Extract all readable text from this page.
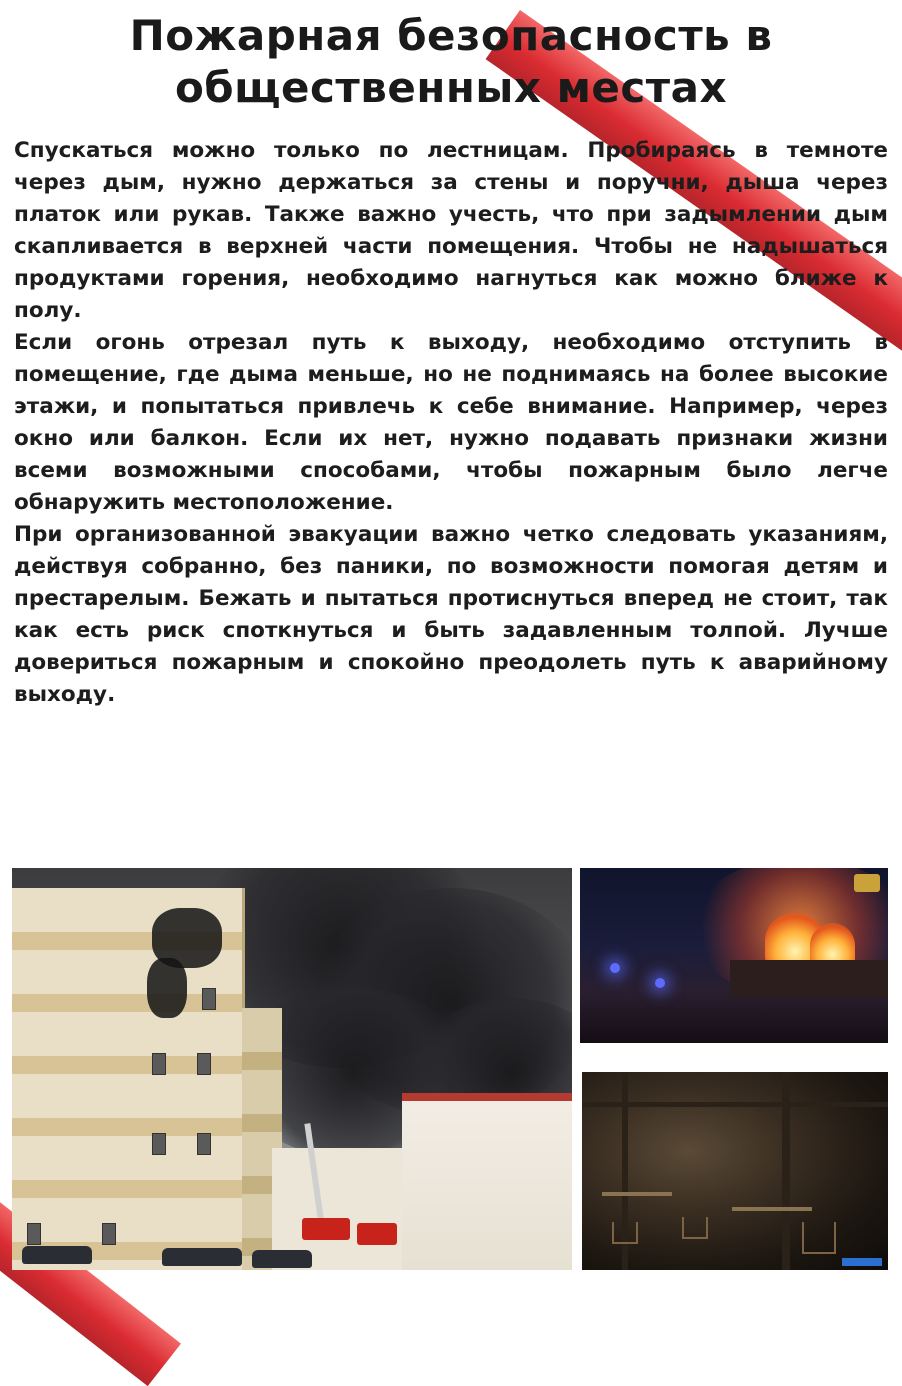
Пожарная безопасность в
общественных местах

Спускаться можно только по лестницам. Пробираясь в темноте через дым, нужно держаться за стены и поручни, дыша через платок или рукав. Также важно учесть, что при задымлении дым скапливается в верхней части помещения. Чтобы не надышаться продуктами горения, необходимо нагнуться как можно ближе к полу.

Если огонь отрезал путь к выходу, необходимо отступить в помещение, где дыма меньше, но не поднимаясь на более высокие этажи, и попытаться привлечь к себе внимание. Например, через окно или балкон. Если их нет, нужно подавать признаки жизни всеми возможными способами, чтобы пожарным было легче обнаружить местоположение.

При организованной эвакуации важно четко следовать указаниям, действуя собранно, без паники, по возможности помогая детям и престарелым. Бежать и пытаться протиснуться вперед не стоит, так как есть риск споткнуться и быть задавленным толпой. Лучше довериться пожарным и спокойно преодолеть путь к аварийному выходу.
